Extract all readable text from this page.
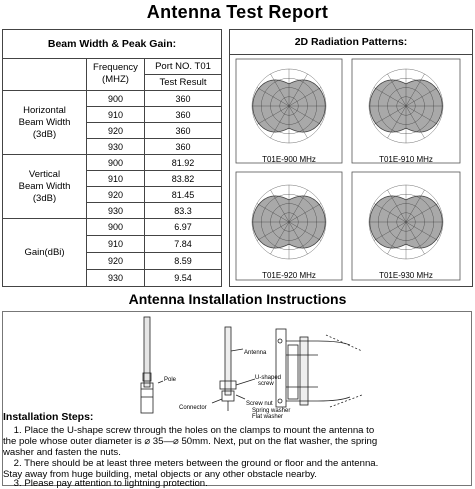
Antenna Test Report
Beam Width & Peak Gain:
Frequency
(MHZ)
Port NO. T01
Test Result
Horizontal
Beam Width
(3dB)
900	360
910	360
920	360
930	360
Vertical
Beam Width
(3dB)
900	81.92
910	83.82
920	81.45
930	83.3
Gain(dBi)
900	6.97
910	7.84
920	8.59
930	9.54
2D Radiation Patterns:
T01E-900 MHz	T01E-910 MHz
T01E-920 MHz	T01E-930 MHz
Antenna Installation Instructions
Pole
Antenna
U-shaped
screw
Connector
Screw nut
Spring washer
Flat washer
Installation Steps:
1. Place the U-shape screw through the holes on the clamps to mount the antenna to
the pole whose outer diameter is ⌀ 35—⌀ 50mm. Next, put on the flat washer, the spring
washer and fasten the nuts.
2. There should be at least three meters between the ground or floor and the antenna.
Stay away from huge building, metal objects or any other obstacle nearby.
3. Please pay attention to lightning protection.
